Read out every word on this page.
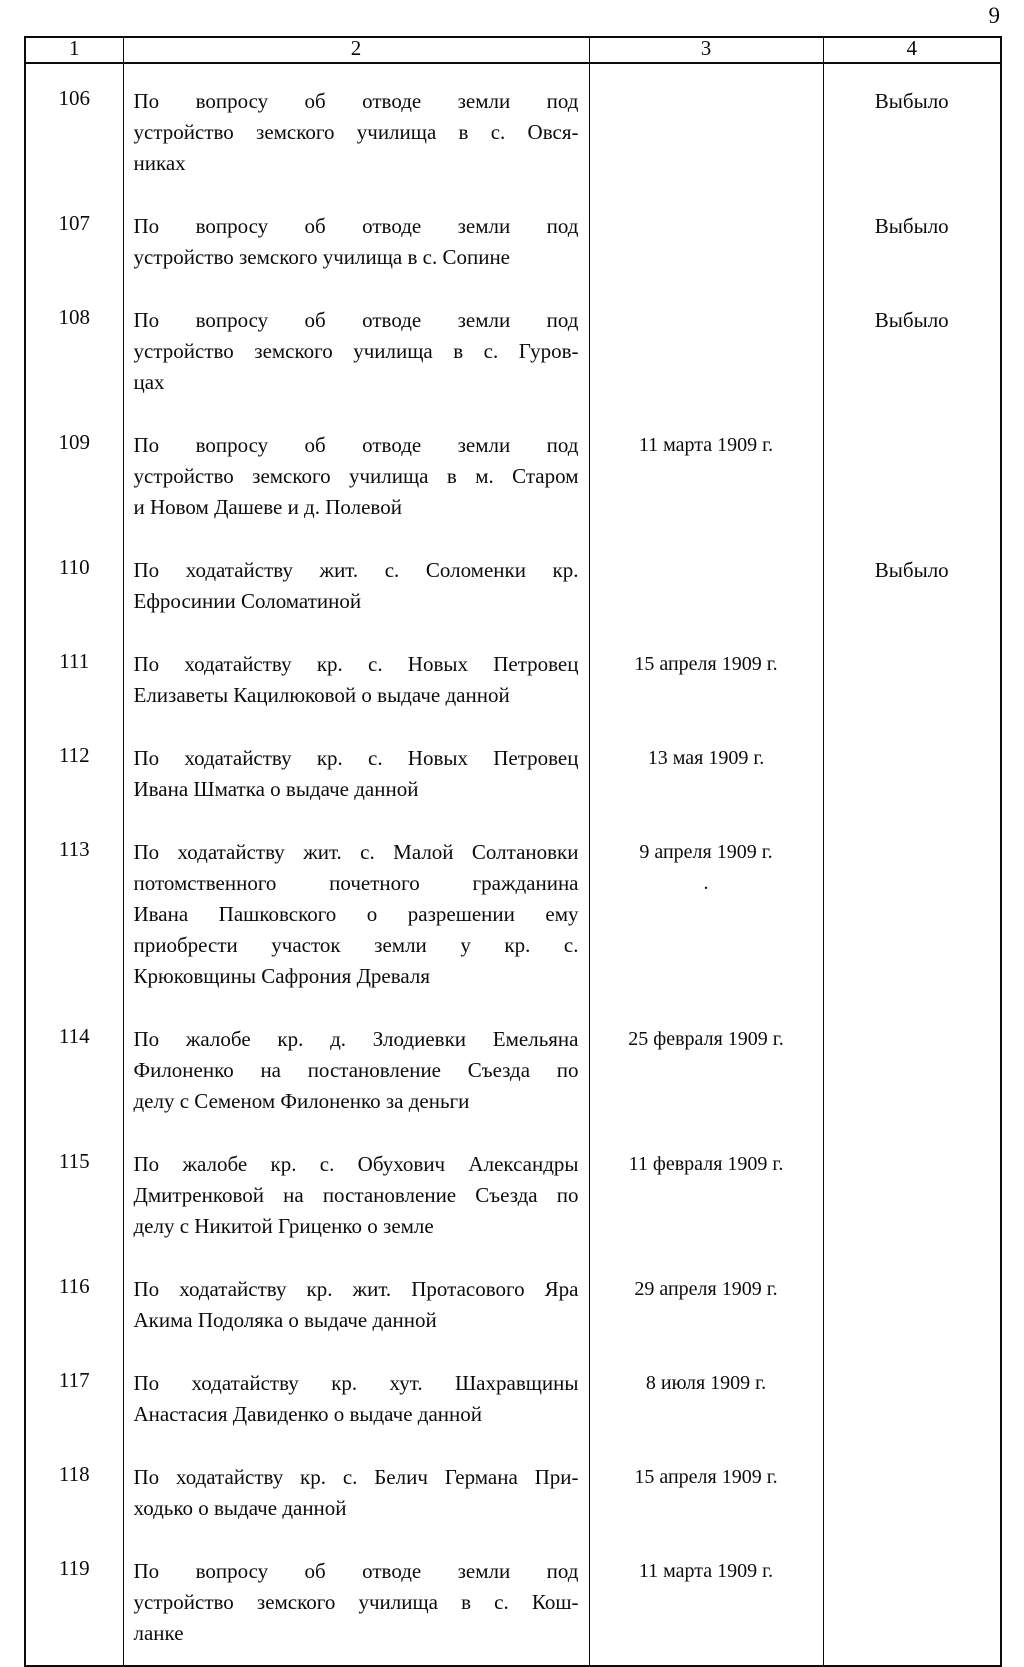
9
1	2	3	4
106	По вопросу об отводе земли под
устройство земского училища в с. Овся-
никах		Выбыло
107	По вопросу об отводе земли под
устройство земского училища в с. Сопине		Выбыло
108	По вопросу об отводе земли под
устройство земского училища в с. Гуров-
цах		Выбыло
109	По вопросу об отводе земли под
устройство земского училища в м. Старом
и Новом Дашеве и д. Полевой	11 марта 1909 г.	
110	По ходатайству жит. с. Соломенки кр.
Ефросинии Соломатиной		Выбыло
111	По ходатайству кр. с. Новых Петровец
Елизаветы Кацилюковой о выдаче данной	15 апреля 1909 г.	
112	По ходатайству кр. с. Новых Петровец
Ивана Шматка о выдаче данной	13 мая 1909 г.	
113	По ходатайству жит. с. Малой Солтановки
потомственного почетного гражданина
Ивана Пашковского о разрешении ему
приобрести участок земли у кр. с.
Крюковщины Сафрония Древаля	9 апреля 1909 г.
.	

114	По жалобе кр. д. Злодиевки Емельяна
Филоненко на постановление Съезда по
делу с Семеном Филоненко за деньги	25 февраля 1909 г.	
115	По жалобе кр. с. Обухович Александры
Дмитренковой на постановление Съезда по
делу с Никитой Гриценко о земле	11 февраля 1909 г.	
116	По ходатайству кр. жит. Протасового Яра
Акима Подоляка о выдаче данной	29 апреля 1909 г.	
117	По ходатайству кр. хут. Шахравщины
Анастасия Давиденко о выдаче данной	8 июля 1909 г.	
118	По ходатайству кр. с. Белич Германа При-
ходько о выдаче данной	15 апреля 1909 г.	
119	По вопросу об отводе земли под
устройство земского училища в с. Кош-
ланке	11 марта 1909 г.	
